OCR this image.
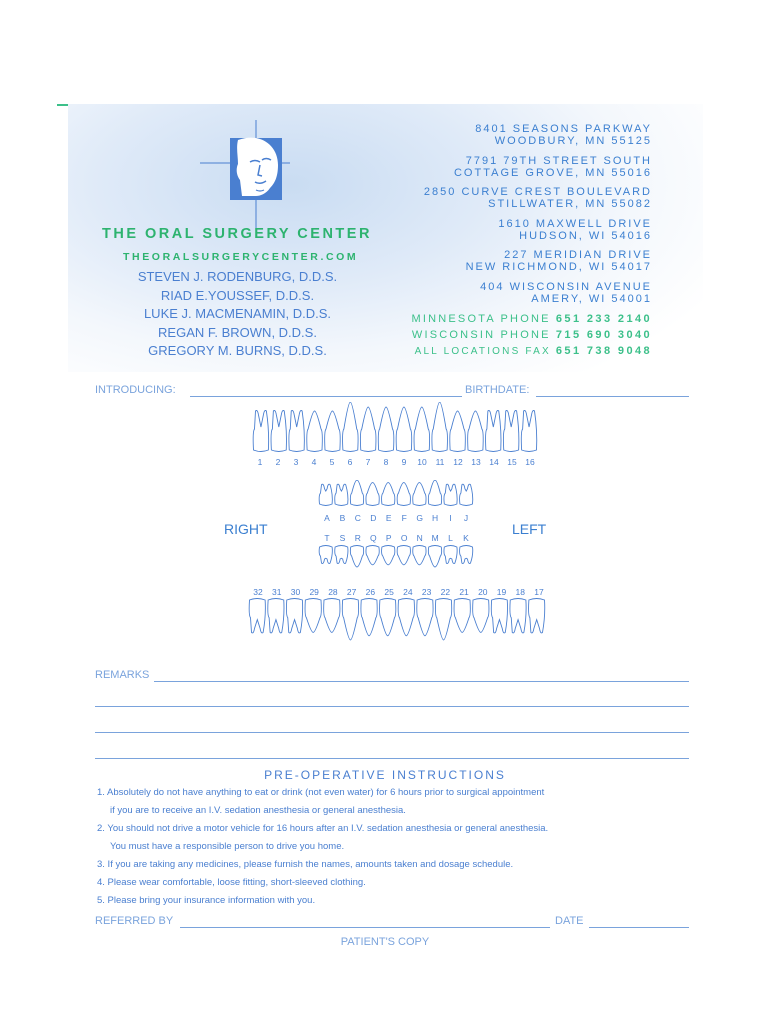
8401 SEASONS PARKWAY
WOODBURY, MN 55125
7791 79TH STREET SOUTH
COTTAGE GROVE, MN 55016
2850 CURVE CREST BOULEVARD
STILLWATER, MN 55082
1610 MAXWELL DRIVE
HUDSON, WI 54016
227 MERIDIAN DRIVE
NEW RICHMOND, WI 54017
404 WISCONSIN AVENUE
AMERY, WI 54001
THE ORAL SURGERY CENTER
THEORALSURGERYCENTER.COM
STEVEN J. RODENBURG, D.D.S.
RIAD E.YOUSSEF, D.D.S.
LUKE J. MACMENAMIN, D.D.S.
REGAN F. BROWN, D.D.S.
GREGORY M. BURNS, D.D.S.
MINNESOTA PHONE 651 233 2140
WISCONSIN PHONE 715 690 3040
ALL LOCATIONS FAX 651 738 9048
INTRODUCING:	BIRTHDATE:
1 2 3 4 5 6 7 8 9 10 11 12 13 14 15 16
A B C D E F G H I J
RIGHT	LEFT
T S R Q P O N M L K
32 31 30 29 28 27 26 25 24 23 22 21 20 19 18 17
REMARKS
PRE-OPERATIVE INSTRUCTIONS
1. Absolutely do not have anything to eat or drink (not even water) for 6 hours prior to surgical appointment
if you are to receive an I.V. sedation anesthesia or general anesthesia.
2. You should not drive a motor vehicle for 16 hours after an I.V. sedation anesthesia or general anesthesia.
You must have a responsible person to drive you home.
3. If you are taking any medicines, please furnish the names, amounts taken and dosage schedule.
4. Please wear comfortable, loose fitting, short-sleeved clothing.
5. Please bring your insurance information with you.
REFERRED BY	DATE
PATIENT'S COPY
